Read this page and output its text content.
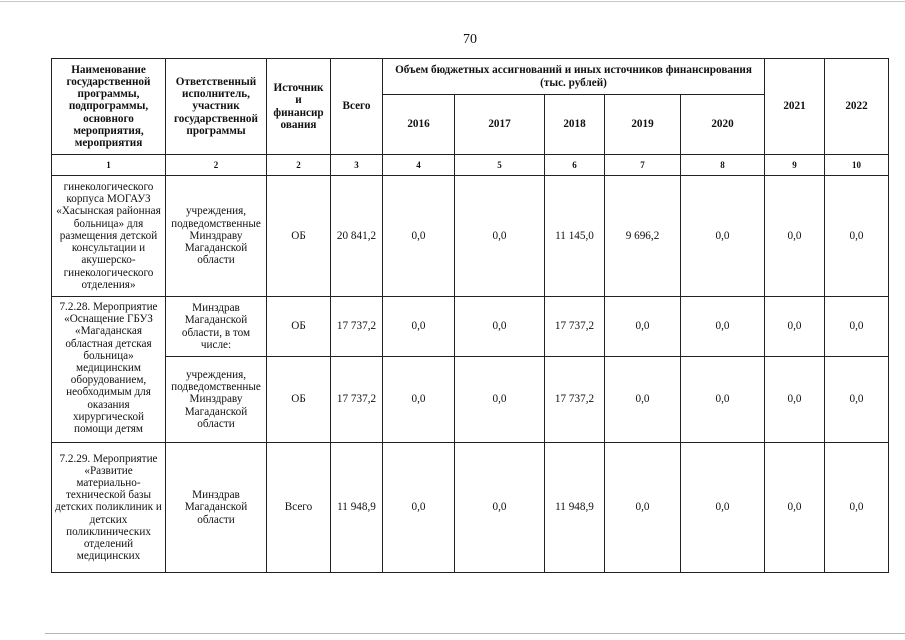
70
Наименование государственной программы, подпрограммы, основного мероприятия, мероприятия	Ответственный исполнитель, участник государственной программы	Источник и финансир ования	Всего	Объем бюджетных ассигнований и иных источников финансирования (тыс. рублей)					2021	2022
				2016	2017	2018	2019	2020		
1	2	2	3	4	5	6	7	8	9	10
гинекологического корпуса МОГАУЗ «Хасынская районная больница» для размещения детской консультации и акушерско-гинекологического отделения»	учреждения, подведомственные Минздраву Магаданской области	ОБ	20 841,2	0,0	0,0	11 145,0	9 696,2	0,0	0,0	0,0
7.2.28. Мероприятие «Оснащение ГБУЗ «Магаданская областная детская больница» медицинским оборудованием, необходимым для оказания хирургической помощи детям	Минздрав Магаданской области, в том числе:	ОБ	17 737,2	0,0	0,0	17 737,2	0,0	0,0	0,0	0,0
	учреждения, подведомственные Минздраву Магаданской области	ОБ	17 737,2	0,0	0,0	17 737,2	0,0	0,0	0,0	0,0
7.2.29. Мероприятие «Развитие материально-технической базы детских поликлиник и детских поликлинических отделений медицинских	Минздрав Магаданской области	Всего	11 948,9	0,0	0,0	11 948,9	0,0	0,0	0,0	0,0
